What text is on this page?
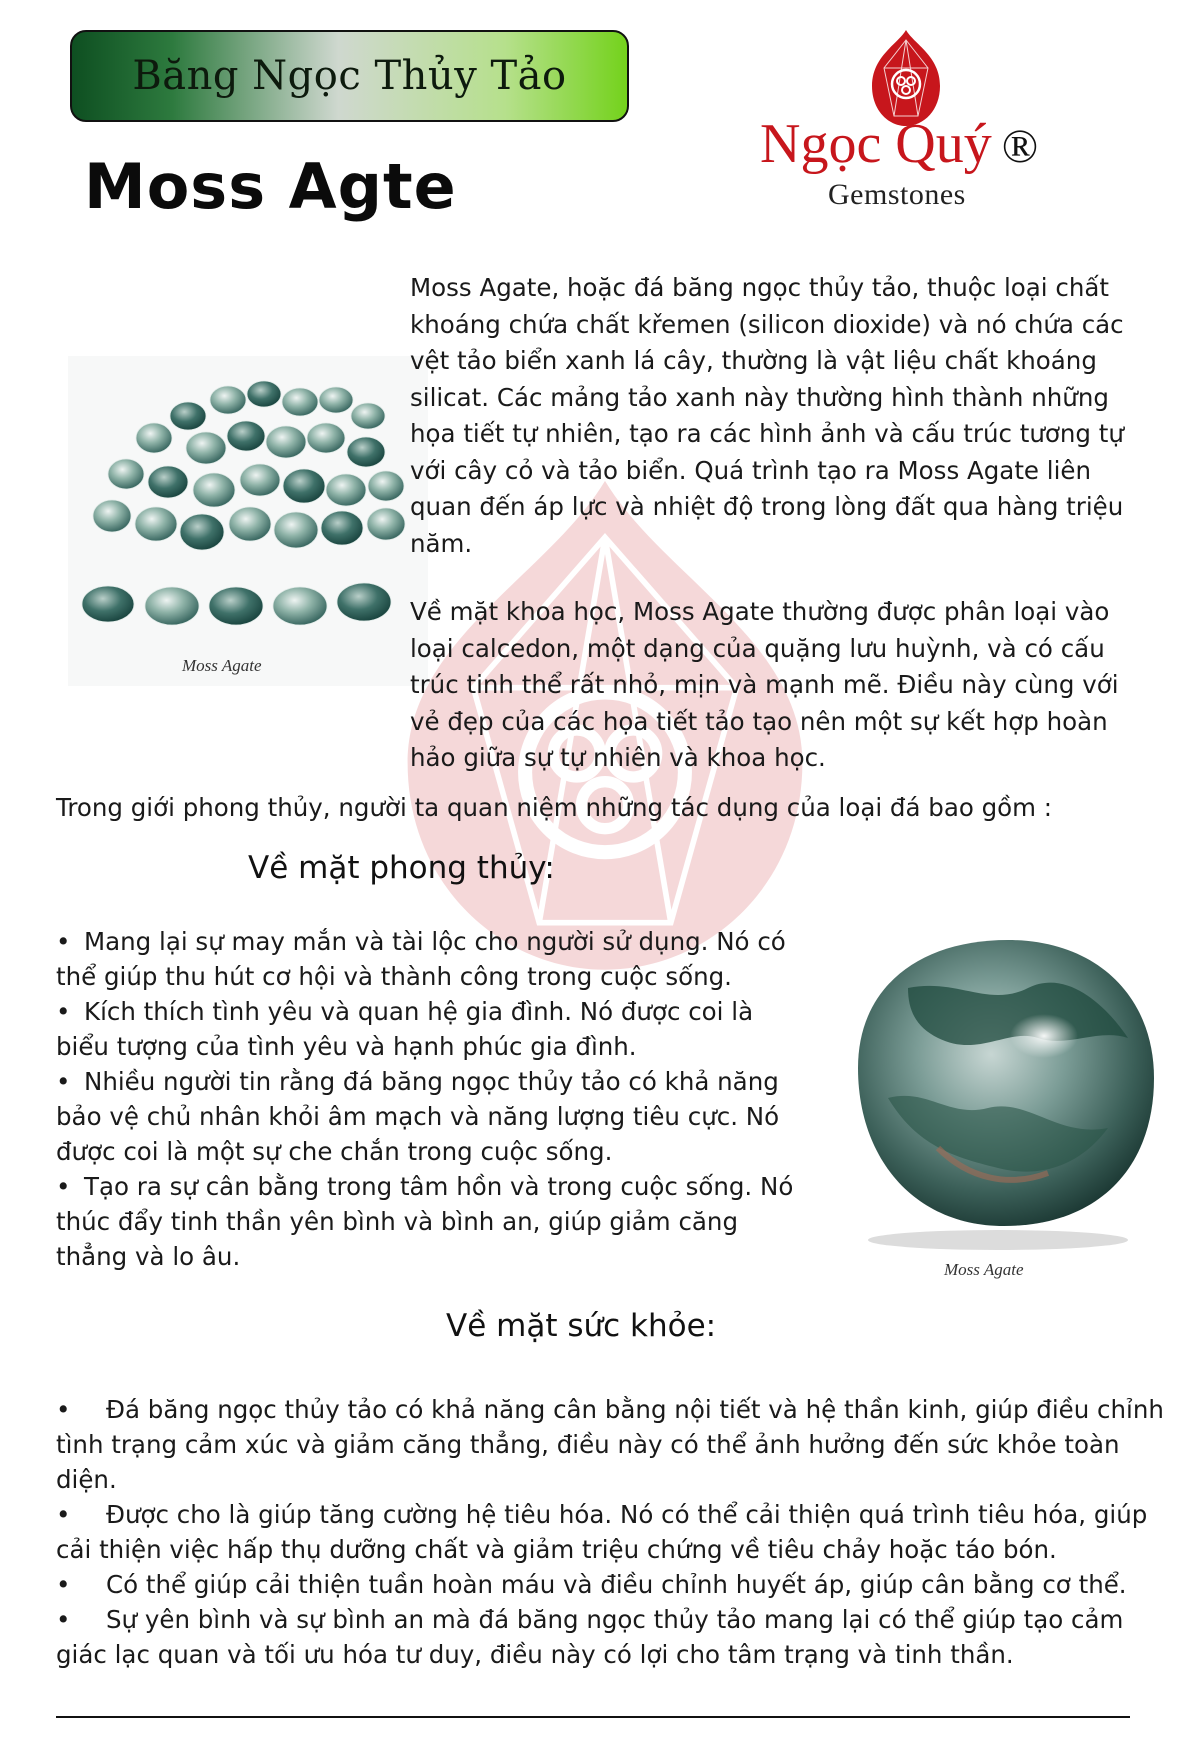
Băng Ngọc Thủy Tảo
Moss Agte
Ngọc Quý ®
Gemstones
Moss Agate

Moss Agate, hoặc đá băng ngọc thủy tảo, thuộc loại chất khoáng chứa chất křemen (silicon dioxide) và nó chứa các vệt tảo biển xanh lá cây, thường là vật liệu chất khoáng silicat. Các mảng tảo xanh này thường hình thành những họa tiết tự nhiên, tạo ra các hình ảnh và cấu trúc tương tự với cây cỏ và tảo biển. Quá trình tạo ra Moss Agate liên quan đến áp lực và nhiệt độ trong lòng đất qua hàng triệu năm.

Về mặt khoa học, Moss Agate thường được phân loại vào loại calcedon, một dạng của quặng lưu huỳnh, và có cấu trúc tinh thể rất nhỏ, mịn và mạnh mẽ. Điều này cùng với vẻ đẹp của các họa tiết tảo tạo nên một sự kết hợp hoàn hảo giữa sự tự nhiên và khoa học.

Trong giới phong thủy, người ta quan niệm những tác dụng của loại đá bao gồm :
Về mặt phong thủy:
• Mang lại sự may mắn và tài lộc cho người sử dụng. Nó có thể giúp thu hút cơ hội và thành công trong cuộc sống.
• Kích thích tình yêu và quan hệ gia đình. Nó được coi là biểu tượng của tình yêu và hạnh phúc gia đình.
• Nhiều người tin rằng đá băng ngọc thủy tảo có khả năng bảo vệ chủ nhân khỏi âm mạch và năng lượng tiêu cực. Nó được coi là một sự che chắn trong cuộc sống.
• Tạo ra sự cân bằng trong tâm hồn và trong cuộc sống. Nó thúc đẩy tinh thần yên bình và bình an, giúp giảm căng thẳng và lo âu.	Moss Agate
Về mặt sức khỏe:
• Đá băng ngọc thủy tảo có khả năng cân bằng nội tiết và hệ thần kinh, giúp điều chỉnh tình trạng cảm xúc và giảm căng thẳng, điều này có thể ảnh hưởng đến sức khỏe toàn diện.
• Được cho là giúp tăng cường hệ tiêu hóa. Nó có thể cải thiện quá trình tiêu hóa, giúp cải thiện việc hấp thụ dưỡng chất và giảm triệu chứng về tiêu chảy hoặc táo bón.
• Có thể giúp cải thiện tuần hoàn máu và điều chỉnh huyết áp, giúp cân bằng cơ thể.
• Sự yên bình và sự bình an mà đá băng ngọc thủy tảo mang lại có thể giúp tạo cảm giác lạc quan và tối ưu hóa tư duy, điều này có lợi cho tâm trạng và tinh thần.
